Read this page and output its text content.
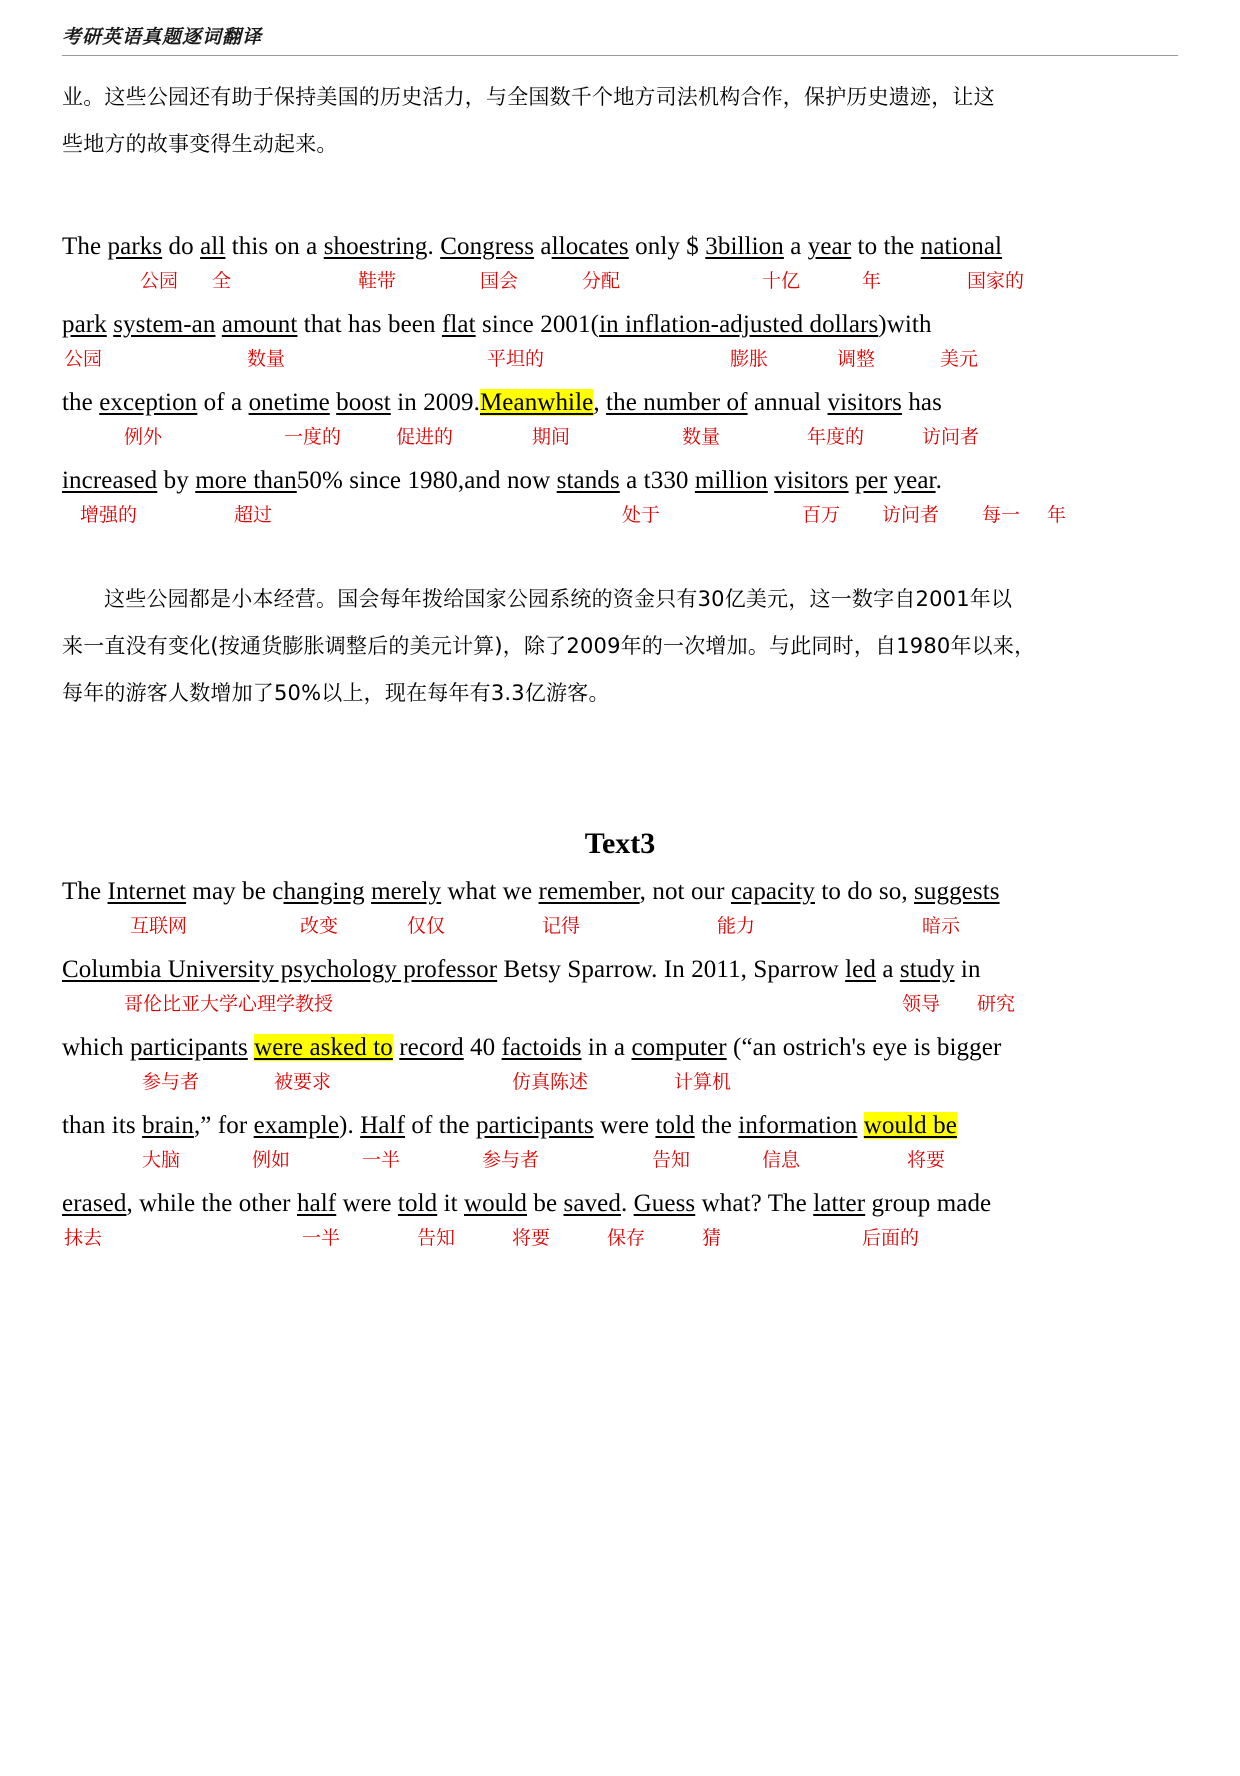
考研英语真题逐词翻译

业。这些公园还有助于保持美国的历史活力，与全国数千个地方司法机构合作，保护历史遗迹，让这

些地方的故事变得生动起来。

The parks do all this on a shoestring. Congress allocates only $ 3billion a year to the national
公园 全	鞋带	国会	分配	十亿	年	国家的
park system-an amount that has been flat since 2001(in inflation-adjusted dollars)with
公园	数量	平坦的	膨胀	调整	美元
the exception of a onetime boost in 2009.Meanwhile, the number of annual visitors has
例外	一度的	促进的	期间	数量	年度的	访问者
increased by more than50% since 1980,and now stands a t330 million visitors per year.
增强的	超过	处于	百万 访问者 每一 年

这些公园都是小本经营。国会每年拨给国家公园系统的资金只有30亿美元，这一数字自2001年以

来一直没有变化(按通货膨胀调整后的美元计算)，除了2009年的一次增加。与此同时，自1980年以来，

每年的游客人数增加了50%以上，现在每年有3.3亿游客。

Text3
The Internet may be changing merely what we remember, not our capacity to do so, suggests
互联网	改变	仅仅	记得	能力	暗示
Columbia University psychology professor Betsy Sparrow. In 2011, Sparrow led a study in
哥伦比亚大学心理学教授	领导 研究
which participants were asked to record 40 factoids in a computer (“an ostrich's eye is bigger
参与者	被要求	仿真陈述	计算机
than its brain,” for example). Half of the participants were told the information would be
大脑	例如	一半	参与者	告知	信息	将要
erased, while the other half were told it would be saved. Guess what? The latter group made
抹去	一半	告知	将要	保存	猜	后面的
